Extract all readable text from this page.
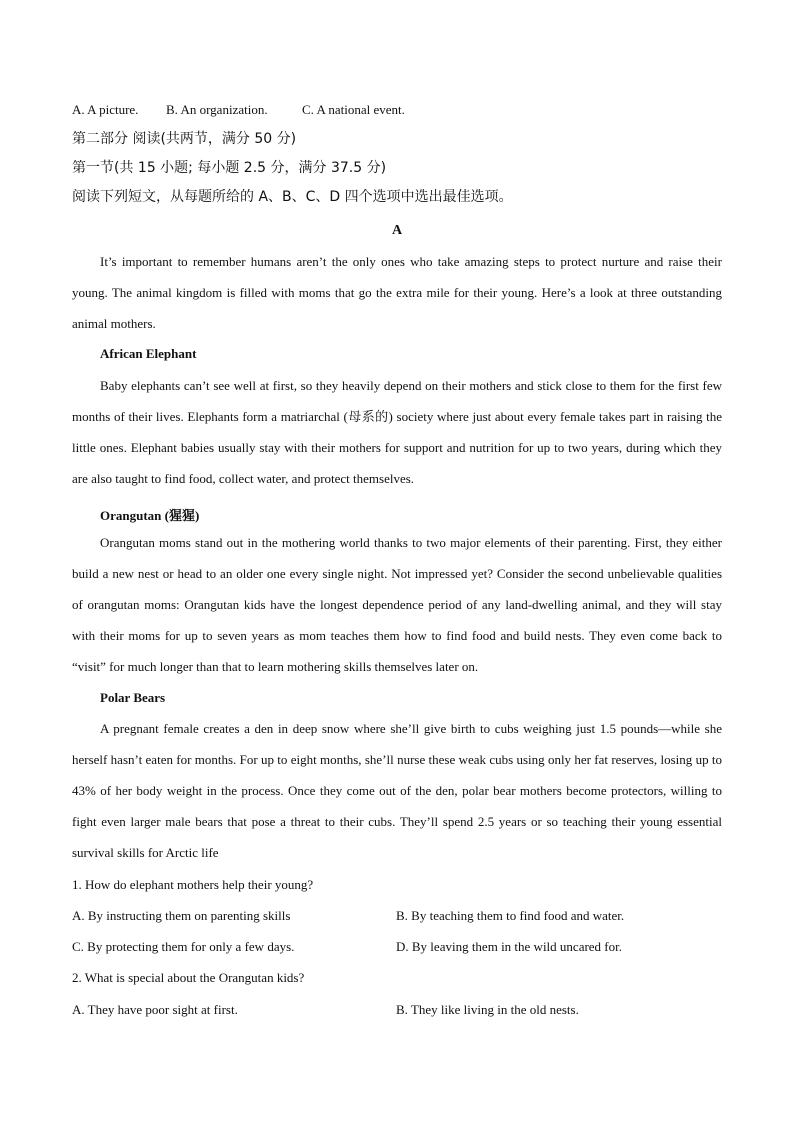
A. A picture. B. An organization.	C. A national event.
第二部分 阅读(共两节，满分 50 分)
第一节(共 15 小题; 每小题 2.5 分，满分 37.5 分)
阅读下列短文，从每题所给的 A、B、C、D 四个选项中选出最佳选项。
A
It’s important to remember humans aren’t the only ones who take amazing steps to protect nurture and raise their young. The animal kingdom is filled with moms that go the extra mile for their young. Here’s a look at three outstanding animal mothers.
African Elephant
Baby elephants can’t see well at first, so they heavily depend on their mothers and stick close to them for the first few months of their lives. Elephants form a matriarchal (母系的) society where just about every female takes part in raising the little ones. Elephant babies usually stay with their mothers for support and nutrition for up to two years, during which they are also taught to find food, collect water, and protect themselves.
Orangutan (猩猩)
Orangutan moms stand out in the mothering world thanks to two major elements of their parenting. First, they either build a new nest or head to an older one every single night. Not impressed yet? Consider the second unbelievable qualities of orangutan moms: Orangutan kids have the longest dependence period of any land-dwelling animal, and they will stay with their moms for up to seven years as mom teaches them how to find food and build nests. They even come back to “visit” for much longer than that to learn mothering skills themselves later on.
Polar Bears
A pregnant female creates a den in deep snow where she’ll give birth to cubs weighing just 1.5 pounds—while she herself hasn’t eaten for months. For up to eight months, she’ll nurse these weak cubs using only her fat reserves, losing up to 43% of her body weight in the process. Once they come out of the den, polar bear mothers become protectors, willing to fight even larger male bears that pose a threat to their cubs. They’ll spend 2.5 years or so teaching their young essential survival skills for Arctic life
1. How do elephant mothers help their young?
A. By instructing them on parenting skills	B. By teaching them to find food and water.
C. By protecting them for only a few days.	D. By leaving them in the wild uncared for.
2. What is special about the Orangutan kids?
A. They have poor sight at first.	B. They like living in the old nests.
